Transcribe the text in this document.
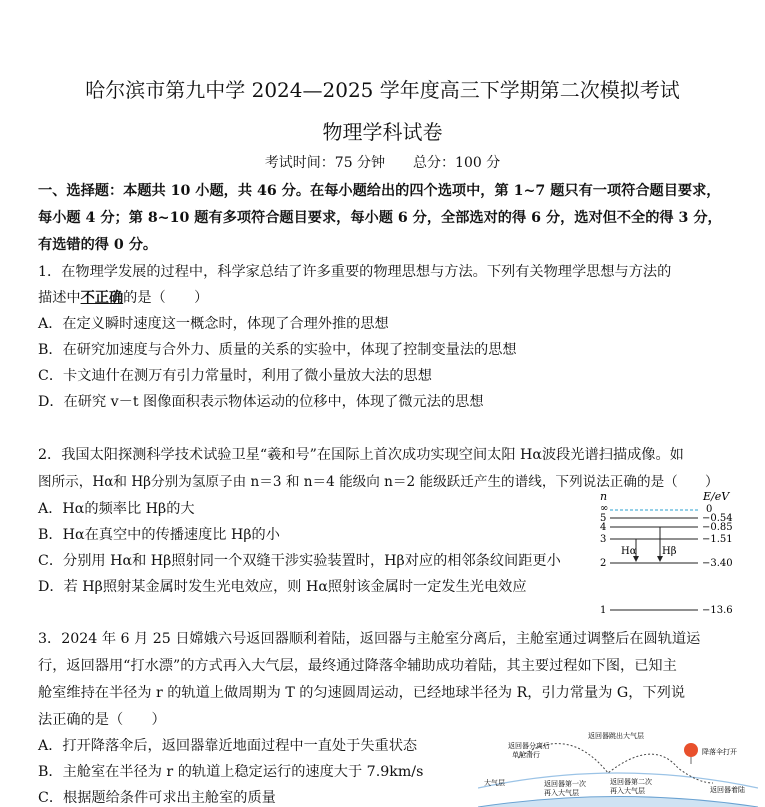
哈尔滨市第九中学 2024—2025 学年度高三下学期第二次模拟考试
物理学科试卷
考试时间：75 分钟　　总分：100 分
一、选择题：本题共 10 小题，共 46 分。在每小题给出的四个选项中，第 1~7 题只有一项符合题目要求，
每小题 4 分；第 8~10 题有多项符合题目要求，每小题 6 分，全部选对的得 6 分，选对但不全的得 3 分，
有选错的得 0 分。
1．在物理学发展的过程中，科学家总结了许多重要的物理思想与方法。下列有关物理学思想与方法的
描述中不正确的是（　　）
A．在定义瞬时速度这一概念时，体现了合理外推的思想
B．在研究加速度与合外力、质量的关系的实验中，体现了控制变量法的思想
C．卡文迪什在测万有引力常量时，利用了微小量放大法的思想
D．在研究 v－t 图像面积表示物体运动的位移中，体现了微元法的思想
2．我国太阳探测科学技术试验卫星“羲和号”在国际上首次成功实现空间太阳 Hα波段光谱扫描成像。如
图所示，Hα和 Hβ分别为氢原子由 n＝3 和 n＝4 能级向 n＝2 能级跃迁产生的谱线，下列说法正确的是（　　）
A．Hα的频率比 Hβ的大
B．Hα在真空中的传播速度比 Hβ的小
C．分别用 Hα和 Hβ照射同一个双缝干涉实验装置时，Hβ对应的相邻条纹间距更小
D．若 Hβ照射某金属时发生光电效应，则 Hα照射该金属时一定发生光电效应
n	E/eV
∞
5
4
3
2
1
0
−0.54
−0.85
−1.51
−3.40
−13.6
Hα	Hβ
3．2024 年 6 月 25 日嫦娥六号返回器顺利着陆，返回器与主舱室分离后，主舱室通过调整后在圆轨道运
行，返回器用“打水漂”的方式再入大气层，最终通过降落伞辅助成功着陆，其主要过程如下图，已知主
舱室维持在半径为 r 的轨道上做周期为 T 的匀速圆周运动，已经地球半径为 R，引力常量为 G，下列说
法正确的是（　　）
A．打开降落伞后，返回器靠近地面过程中一直处于失重状态
B．主舱室在半径为 r 的轨道上稳定运行的速度大于 7.9km/s
C．根据题给条件可求出主舱室的质量
返回器分离后
单舱滑行
返回器跳出大气层
降落伞打开
大气层	返回器第一次
再入大气层
返回器第二次
再入大气层	返回器着陆
